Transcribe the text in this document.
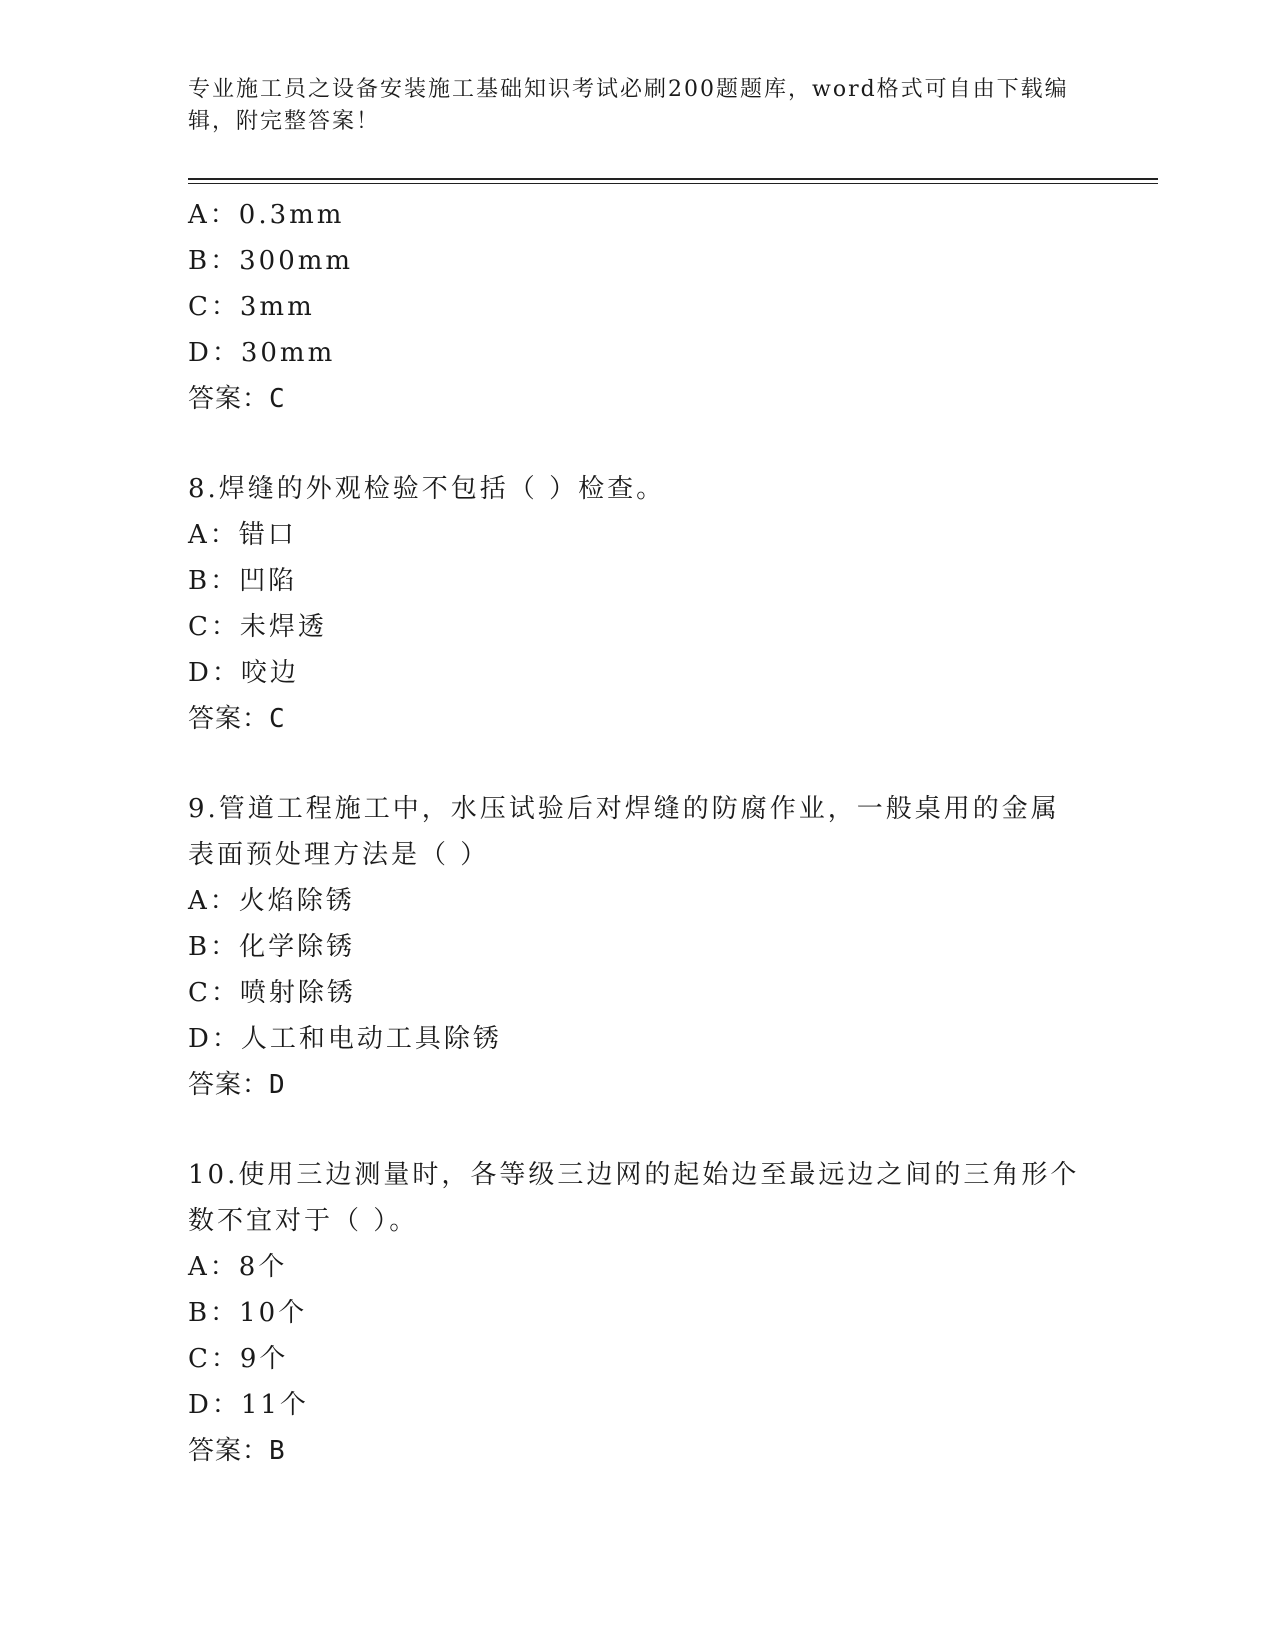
专业施工员之设备安装施工基础知识考试必刷200题题库，word格式可自由下载编辑，附完整答案！
A：0.3mm
B：300mm
C：3mm
D：30mm
答案：C
8.焊缝的外观检验不包括（ ）检查。
A：错口
B：凹陷
C：未焊透
D：咬边
答案：C
9.管道工程施工中，水压试验后对焊缝的防腐作业，一般桌用的金属表面预处理方法是（ ）
A：火焰除锈
B：化学除锈
C：喷射除锈
D：人工和电动工具除锈
答案：D
10.使用三边测量时，各等级三边网的起始边至最远边之间的三角形个数不宜对于（ ）。
A：8个
B：10个
C：9个
D：11个
答案：B
